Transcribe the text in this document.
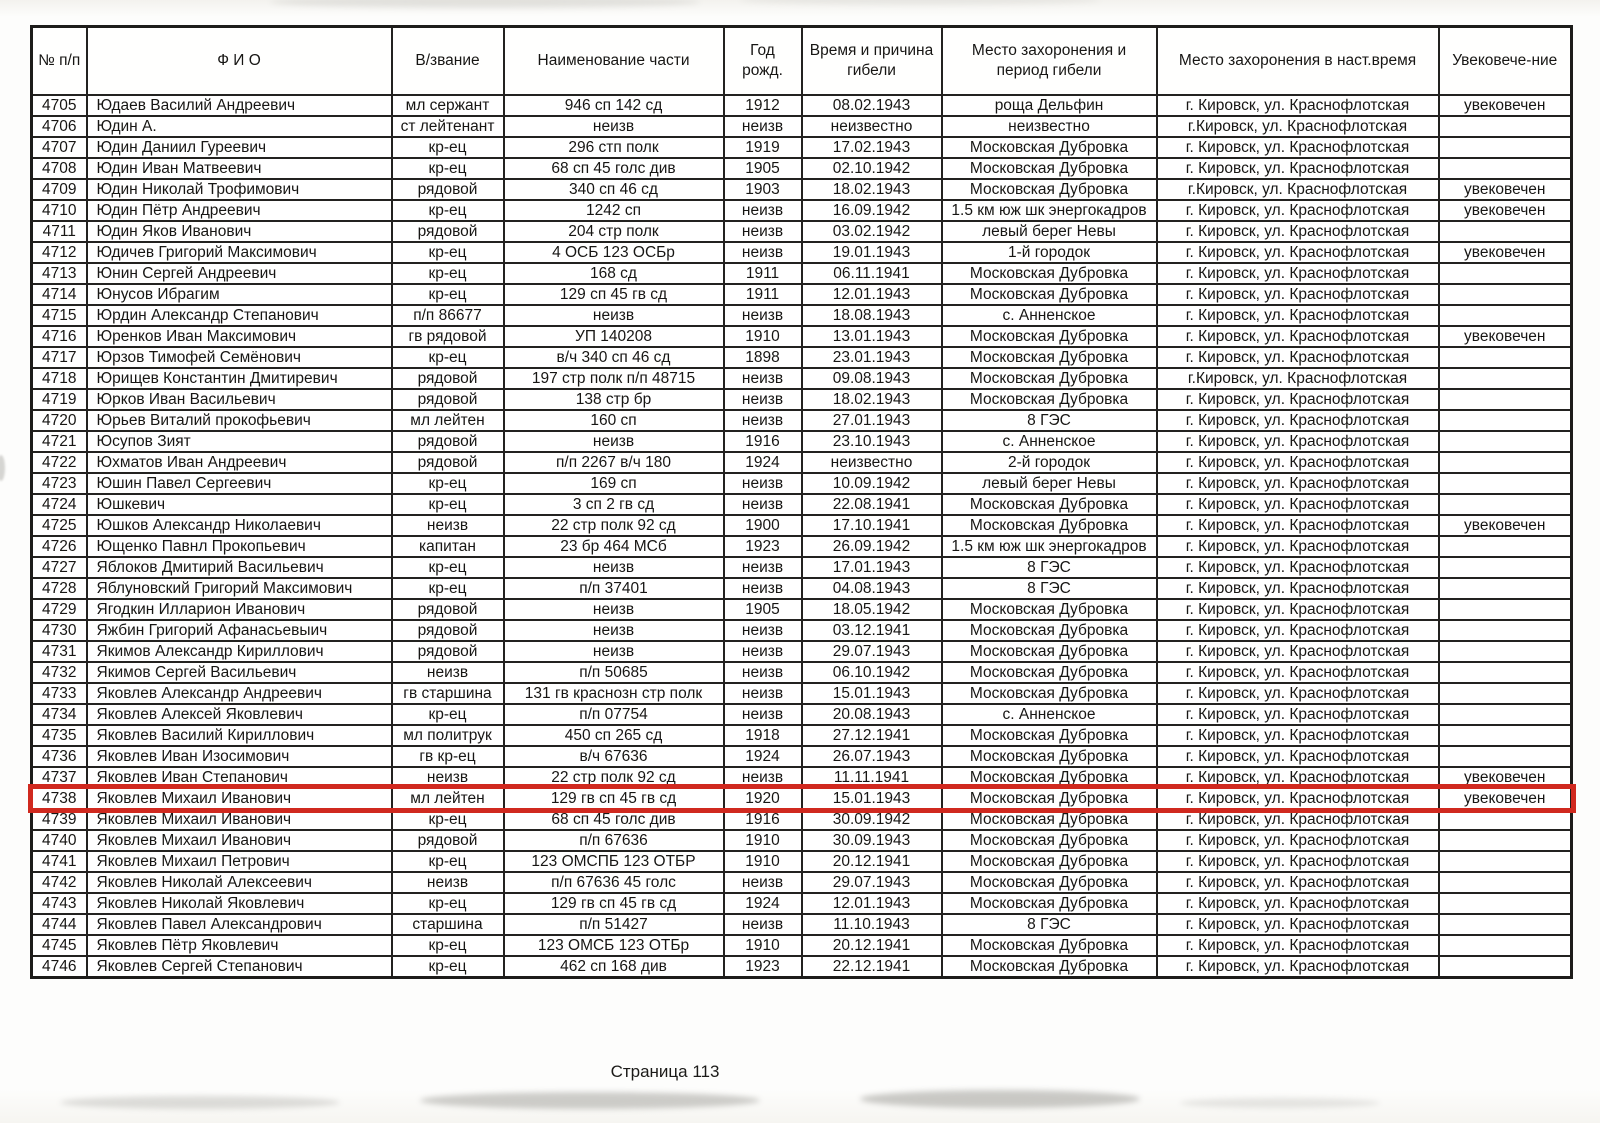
№ п/п	Ф И О	В/звание	Наименование части	Год рожд.	Время и причина гибели	Место захоронения и период гибели	Место захоронения в наст.время	Увековече-ние
4705	Юдаев Василий Андреевич	мл сержант	946 сп 142 сд	1912	08.02.1943	роща Дельфин	г. Кировск, ул. Краснофлотская	увековечен
4706	Юдин А.	ст лейтенант	неизв	неизв	неизвестно	неизвестно	г.Кировск, ул. Краснофлотская	
4707	Юдин Даниил Гуреевич	кр-ец	296 стп полк	1919	17.02.1943	Московская Дубровка	г. Кировск, ул. Краснофлотская	
4708	Юдин Иван Матвеевич	кр-ец	68 сп 45 голс див	1905	02.10.1942	Московская Дубровка	г. Кировск, ул. Краснофлотская	
4709	Юдин Николай Трофимович	рядовой	340 сп 46 сд	1903	18.02.1943	Московская Дубровка	г.Кировск, ул. Краснофлотская	увековечен
4710	Юдин Пётр Андреевич	кр-ец	1242 сп	неизв	16.09.1942	1.5 км юж шк энергокадров	г. Кировск, ул. Краснофлотская	увековечен
4711	Юдин Яков Иванович	рядовой	204 стр полк	неизв	03.02.1942	левый берег Невы	г. Кировск, ул. Краснофлотская	
4712	Юдичев Григорий Максимович	кр-ец	4 ОСБ 123 ОСБр	неизв	19.01.1943	1-й городок	г. Кировск, ул. Краснофлотская	увековечен
4713	Юнин Сергей Андреевич	кр-ец	168 сд	1911	06.11.1941	Московская Дубровка	г. Кировск, ул. Краснофлотская	
4714	Юнусов Ибрагим	кр-ец	129 сп 45 гв сд	1911	12.01.1943	Московская Дубровка	г. Кировск, ул. Краснофлотская	
4715	Юрдин Александр Степанович	п/п 86677	неизв	неизв	18.08.1943	с. Анненское	г. Кировск, ул. Краснофлотская	
4716	Юренков Иван Максимович	гв рядовой	УП 140208	1910	13.01.1943	Московская Дубровка	г. Кировск, ул. Краснофлотская	увековечен
4717	Юрзов Тимофей Семёнович	кр-ец	в/ч 340 сп 46 сд	1898	23.01.1943	Московская Дубровка	г. Кировск, ул. Краснофлотская	
4718	Юрищев Константин Дмитиревич	рядовой	197 стр полк п/п 48715	неизв	09.08.1943	Московская Дубровка	г.Кировск, ул. Краснофлотская	
4719	Юрков Иван Васильевич	рядовой	138 стр бр	неизв	18.02.1943	Московская Дубровка	г. Кировск, ул. Краснофлотская	
4720	Юрьев Виталий прокофьевич	мл лейтен	160 сп	неизв	27.01.1943	8 ГЭС	г. Кировск, ул. Краснофлотская	
4721	Юсупов Зият	рядовой	неизв	1916	23.10.1943	с. Анненское	г. Кировск, ул. Краснофлотская	
4722	Юхматов Иван Андреевич	рядовой	п/п 2267 в/ч 180	1924	неизвестно	2-й городок	г. Кировск, ул. Краснофлотская	
4723	Юшин Павел Сергеевич	кр-ец	169 сп	неизв	10.09.1942	левый берег Невы	г. Кировск, ул. Краснофлотская	
4724	Юшкевич	кр-ец	3 сп 2 гв сд	неизв	22.08.1941	Московская Дубровка	г. Кировск, ул. Краснофлотская	
4725	Юшков Александр Николаевич	неизв	22 стр полк 92 сд	1900	17.10.1941	Московская Дубровка	г. Кировск, ул. Краснофлотская	увековечен
4726	Ющенко Павнл Прокопьевич	капитан	23 бр 464 МСб	1923	26.09.1942	1.5 км юж шк энергокадров	г. Кировск, ул. Краснофлотская	
4727	Яблоков Дмитирий Васильевич	кр-ец	неизв	неизв	17.01.1943	8 ГЭС	г. Кировск, ул. Краснофлотская	
4728	Яблуновский Григорий Максимович	кр-ец	п/п 37401	неизв	04.08.1943	8 ГЭС	г. Кировск, ул. Краснофлотская	
4729	Ягодкин Илларион Иванович	рядовой	неизв	1905	18.05.1942	Московская Дубровка	г. Кировск, ул. Краснофлотская	
4730	Яжбин Григорий Афанасьевыич	рядовой	неизв	неизв	03.12.1941	Московская Дубровка	г. Кировск, ул. Краснофлотская	
4731	Якимов Александр Кириллович	рядовой	неизв	неизв	29.07.1943	Московская Дубровка	г. Кировск, ул. Краснофлотская	
4732	Якимов Сергей Васильевич	неизв	п/п 50685	неизв	06.10.1942	Московская Дубровка	г. Кировск, ул. Краснофлотская	
4733	Яковлев Александр Андреевич	гв старшина	131 гв краснозн стр полк	неизв	15.01.1943	Московская Дубровка	г. Кировск, ул. Краснофлотская	
4734	Яковлев Алексей Яковлевич	кр-ец	п/п 07754	неизв	20.08.1943	с. Анненское	г. Кировск, ул. Краснофлотская	
4735	Яковлев Василий Кириллович	мл политрук	450 сп 265 сд	1918	27.12.1941	Московская Дубровка	г. Кировск, ул. Краснофлотская	
4736	Яковлев Иван Изосимович	гв кр-ец	в/ч 67636	1924	26.07.1943	Московская Дубровка	г. Кировск, ул. Краснофлотская	
4737	Яковлев Иван Степанович	неизв	22 стр полк 92 сд	неизв	11.11.1941	Московская Дубровка	г. Кировск, ул. Краснофлотская	увековечен
4738	Яковлев Михаил Иванович	мл лейтен	129 гв сп 45 гв сд	1920	15.01.1943	Московская Дубровка	г. Кировск, ул. Краснофлотская	увековечен
4739	Яковлев Михаил Иванович	кр-ец	68 сп 45 голс див	1916	30.09.1942	Московская Дубровка	г. Кировск, ул. Краснофлотская	
4740	Яковлев Михаил Иванович	рядовой	п/п 67636	1910	30.09.1943	Московская Дубровка	г. Кировск, ул. Краснофлотская	
4741	Яковлев Михаил Петрович	кр-ец	123 ОМСПБ 123 ОТБР	1910	20.12.1941	Московская Дубровка	г. Кировск, ул. Краснофлотская	
4742	Яковлев Николай Алексеевич	неизв	п/п 67636 45 голс	неизв	29.07.1943	Московская Дубровка	г. Кировск, ул. Краснофлотская	
4743	Яковлев Николай Яковлевич	кр-ец	129 гв сп 45 гв сд	1924	12.01.1943	Московская Дубровка	г. Кировск, ул. Краснофлотская	
4744	Яковлев Павел Александрович	старшина	п/п 51427	неизв	11.10.1943	8 ГЭС	г. Кировск, ул. Краснофлотская	
4745	Яковлев Пётр Яковлевич	кр-ец	123 ОМСБ 123 ОТБр	1910	20.12.1941	Московская Дубровка	г. Кировск, ул. Краснофлотская	
4746	Яковлев Сергей Степанович	кр-ец	462 сп 168 див	1923	22.12.1941	Московская Дубровка	г. Кировск, ул. Краснофлотская	
Страница 113
